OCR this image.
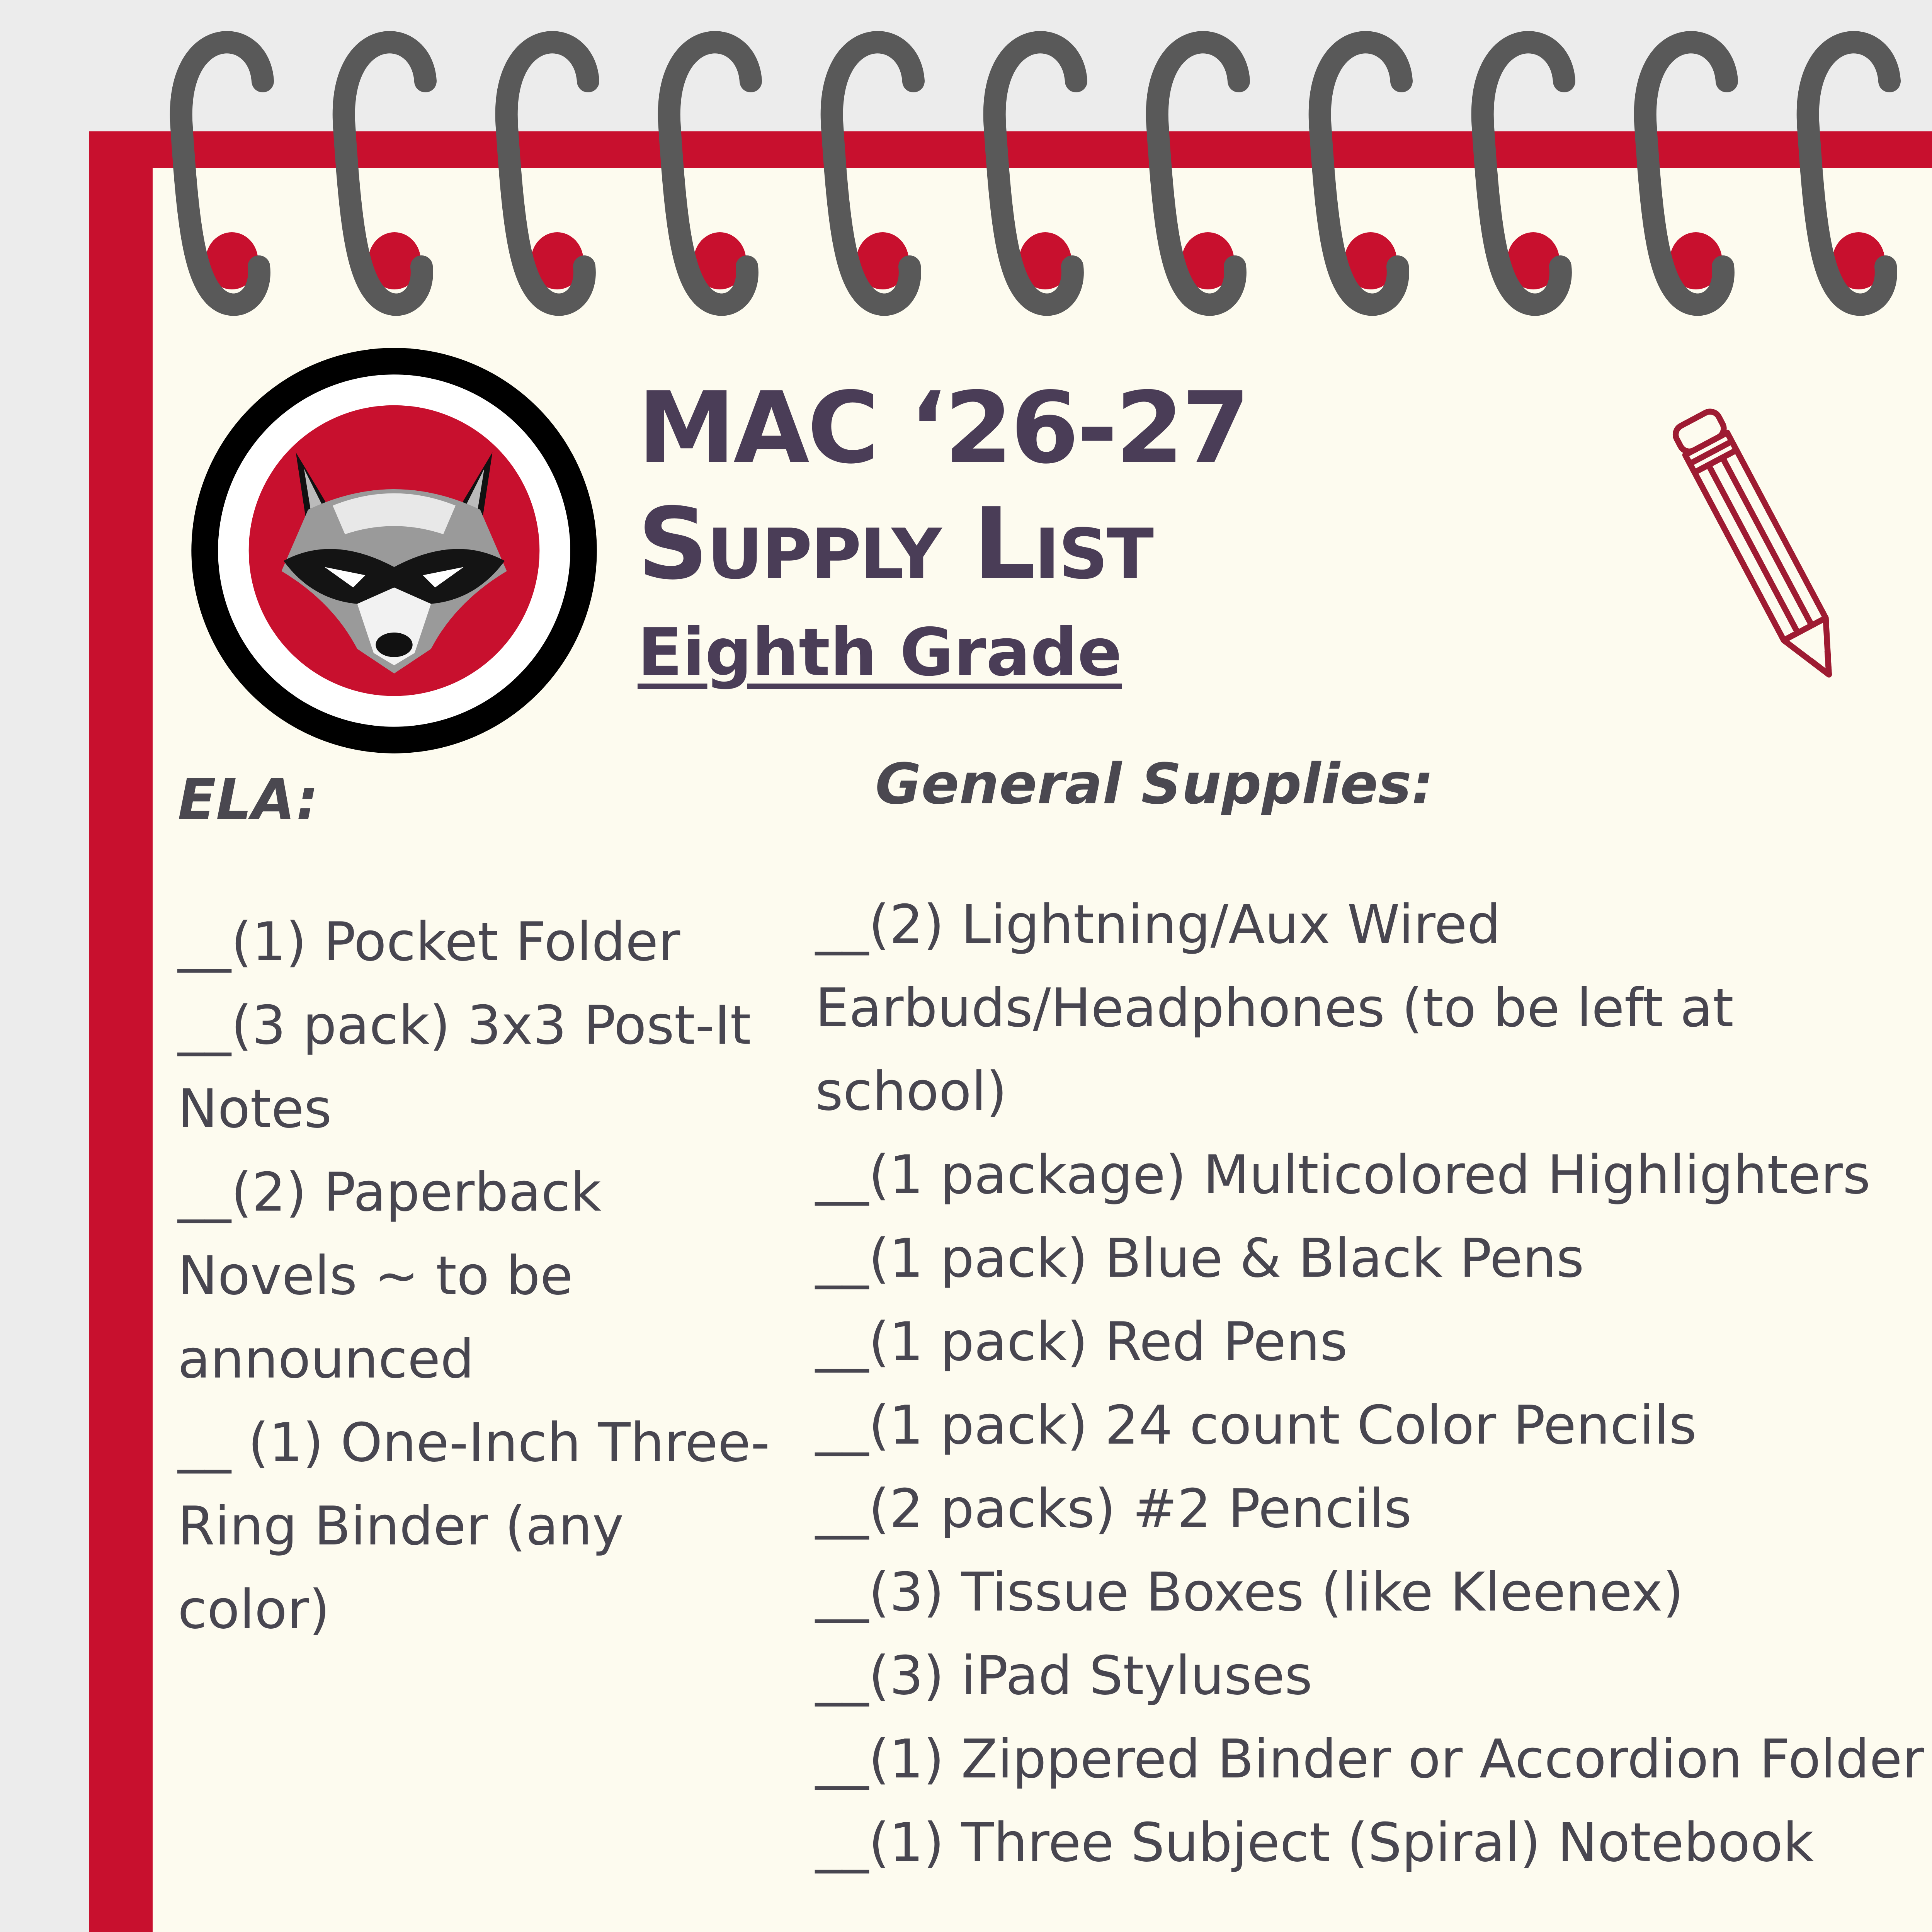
MAC ‘26-27
Supply List
Eighth Grade
ELA:
__(1) Pocket Folder
__(3 pack) 3x3 Post-It
Notes
__(2) Paperback
Novels ~ to be
announced
__ (1) One-Inch Three-
Ring Binder (any color)
General Supplies:
__(2) Lightning/Aux Wired
Earbuds/Headphones (to be left at
school)
__(1 package) Multicolored Highlighters
__(1 pack) Blue & Black Pens
__(1 pack) Red Pens
__(1 pack) 24 count Color Pencils
__(2 packs) #2 Pencils
__(3) Tissue Boxes (like Kleenex)
__(3) iPad Styluses
__(1) Zippered Binder or Accordion Folder
__(1) Three Subject (Spiral) Notebook
